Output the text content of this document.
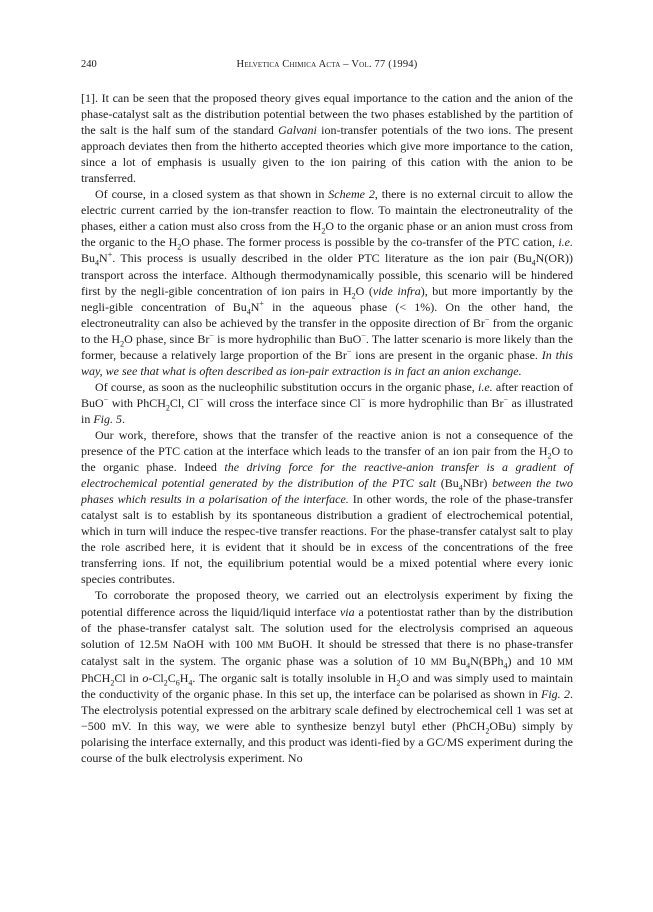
240	Helvetica Chimica Acta – Vol. 77 (1994)

[1]. It can be seen that the proposed theory gives equal importance to the cation and the anion of the phase-catalyst salt as the distribution potential between the two phases established by the partition of the salt is the half sum of the standard Galvani ion-transfer potentials of the two ions. The present approach deviates then from the hitherto accepted theories which give more importance to the cation, since a lot of emphasis is usually given to the ion pairing of this cation with the anion to be transferred.

Of course, in a closed system as that shown in Scheme 2, there is no external circuit to allow the electric current carried by the ion-transfer reaction to flow. To maintain the electroneutrality of the phases, either a cation must also cross from the $H_2O$ to the organic phase or an anion must cross from the organic to the $H_2O$ phase. The former process is possible by the co-transfer of the PTC cation, i.e. $Bu_4N^+$. This process is usually described in the older PTC literature as the ion pair $(Bu_4N(OR))$ transport across the interface. Although thermodynamically possible, this scenario will be hindered first by the negli-gible concentration of ion pairs in $H_2O$ (vide infra), but more importantly by the negli-gible concentration of $Bu_4N^+$ in the aqueous phase (< 1%). On the other hand, the electroneutrality can also be achieved by the transfer in the opposite direction of Br− from the organic to the $H_2O$ phase, since Br− is more hydrophilic than BuO−. The latter scenario is more likely than the former, because a relatively large proportion of the Br− ions are present in the organic phase. In this way, we see that what is often described as ion-pair extraction is in fact an anion exchange.

Of course, as soon as the nucleophilic substitution occurs in the organic phase, i.e. after reaction of BuO− with PhCH$_2$Cl, Cl− will cross the interface since Cl− is more hydrophilic than Br− as illustrated in Fig. 5.

Our work, therefore, shows that the transfer of the reactive anion is not a consequence of the presence of the PTC cation at the interface which leads to the transfer of an ion pair from the $H_2O$ to the organic phase. Indeed the driving force for the reactive-anion transfer is a gradient of electrochemical potential generated by the distribution of the PTC salt $(Bu_4NBr)$ between the two phases which results in a polarisation of the interface. In other words, the role of the phase-transfer catalyst salt is to establish by its spontaneous distribution a gradient of electrochemical potential, which in turn will induce the respec-tive transfer reactions. For the phase-transfer catalyst salt to play the role ascribed here, it is evident that it should be in excess of the concentrations of the free transferring ions. If not, the equilibrium potential would be a mixed potential where every ionic species contributes.

To corroborate the proposed theory, we carried out an electrolysis experiment by fixing the potential difference across the liquid/liquid interface via a potentiostat rather than by the distribution of the phase-transfer catalyst salt. The solution used for the electrolysis comprised an aqueous solution of 12.5M NaOH with 100 MM BuOH. It should be stressed that there is no phase-transfer catalyst salt in the system. The organic phase was a solution of 10 MM $Bu_4N(BPh_4)$ and 10 MM PhCH$_2$Cl in $o-Cl_2C_6H_4$. The organic salt is totally insoluble in $H_2O$ and was simply used to maintain the conductivity of the organic phase. In this set up, the interface can be polarised as shown in Fig. 2. The electrolysis potential expressed on the arbitrary scale defined by electrochemical cell 1 was set at −500 mV. In this way, we were able to synthesize benzyl butyl ether (PhCH$_2$OBu) simply by polarising the interface externally, and this product was identi-fied by a GC/MS experiment during the course of the bulk electrolysis experiment. No
